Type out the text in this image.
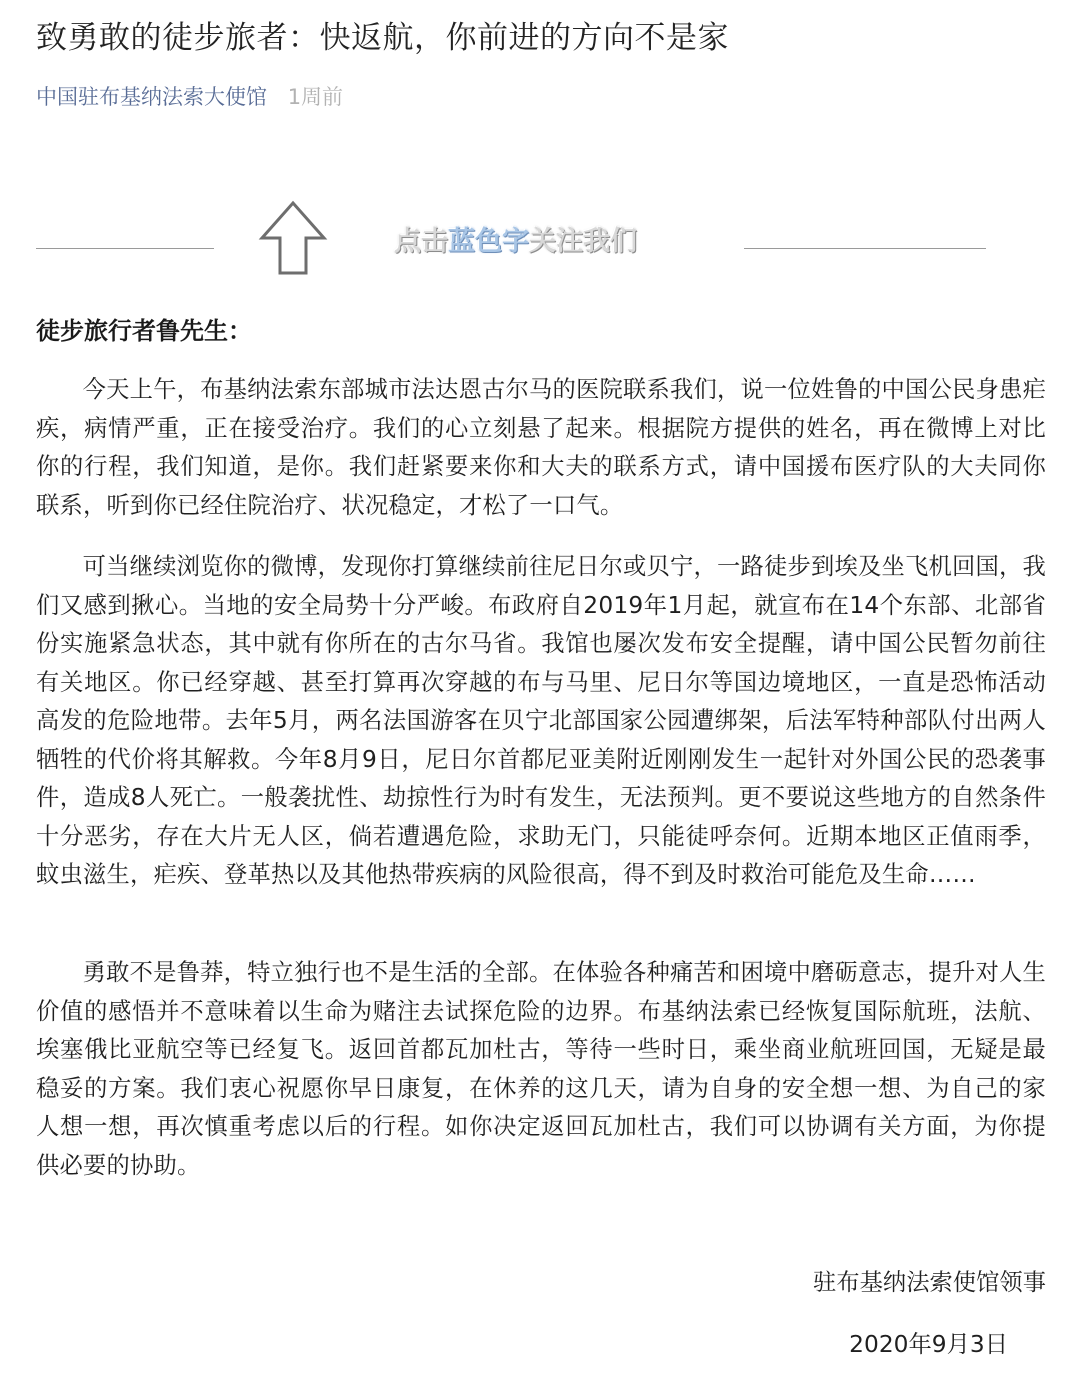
致勇敢的徒步旅者：快返航，你前进的方向不是家
中国驻布基纳法索大使馆 1周前
点击蓝色字关注我们
徒步旅行者鲁先生：

今天上午，布基纳法索东部城市法达恩古尔马的医院联系我们，说一位姓鲁的中国公民身患疟疾，病情严重，正在接受治疗。我们的心立刻悬了起来。根据院方提供的姓名，再在微博上对比你的行程，我们知道，是你。我们赶紧要来你和大夫的联系方式，请中国援布医疗队的大夫同你联系，听到你已经住院治疗、状况稳定，才松了一口气。

可当继续浏览你的微博，发现你打算继续前往尼日尔或贝宁，一路徒步到埃及坐飞机回国，我们又感到揪心。当地的安全局势十分严峻。布政府自2019年1月起，就宣布在14个东部、北部省份实施紧急状态，其中就有你所在的古尔马省。我馆也屡次发布安全提醒，请中国公民暂勿前往有关地区。你已经穿越、甚至打算再次穿越的布与马里、尼日尔等国边境地区，一直是恐怖活动高发的危险地带。去年5月，两名法国游客在贝宁北部国家公园遭绑架，后法军特种部队付出两人牺牲的代价将其解救。今年8月9日，尼日尔首都尼亚美附近刚刚发生一起针对外国公民的恐袭事件，造成8人死亡。一般袭扰性、劫掠性行为时有发生，无法预判。更不要说这些地方的自然条件十分恶劣，存在大片无人区，倘若遭遇危险，求助无门，只能徒呼奈何。近期本地区正值雨季，蚊虫滋生，疟疾、登革热以及其他热带疾病的风险很高，得不到及时救治可能危及生命……

勇敢不是鲁莽，特立独行也不是生活的全部。在体验各种痛苦和困境中磨砺意志，提升对人生价值的感悟并不意味着以生命为赌注去试探危险的边界。布基纳法索已经恢复国际航班，法航、埃塞俄比亚航空等已经复飞。返回首都瓦加杜古，等待一些时日，乘坐商业航班回国，无疑是最稳妥的方案。我们衷心祝愿你早日康复，在休养的这几天，请为自身的安全想一想、为自己的家人想一想，再次慎重考虑以后的行程。如你决定返回瓦加杜古，我们可以协调有关方面，为你提供必要的协助。

驻布基纳法索使馆领事
2020年9月3日
